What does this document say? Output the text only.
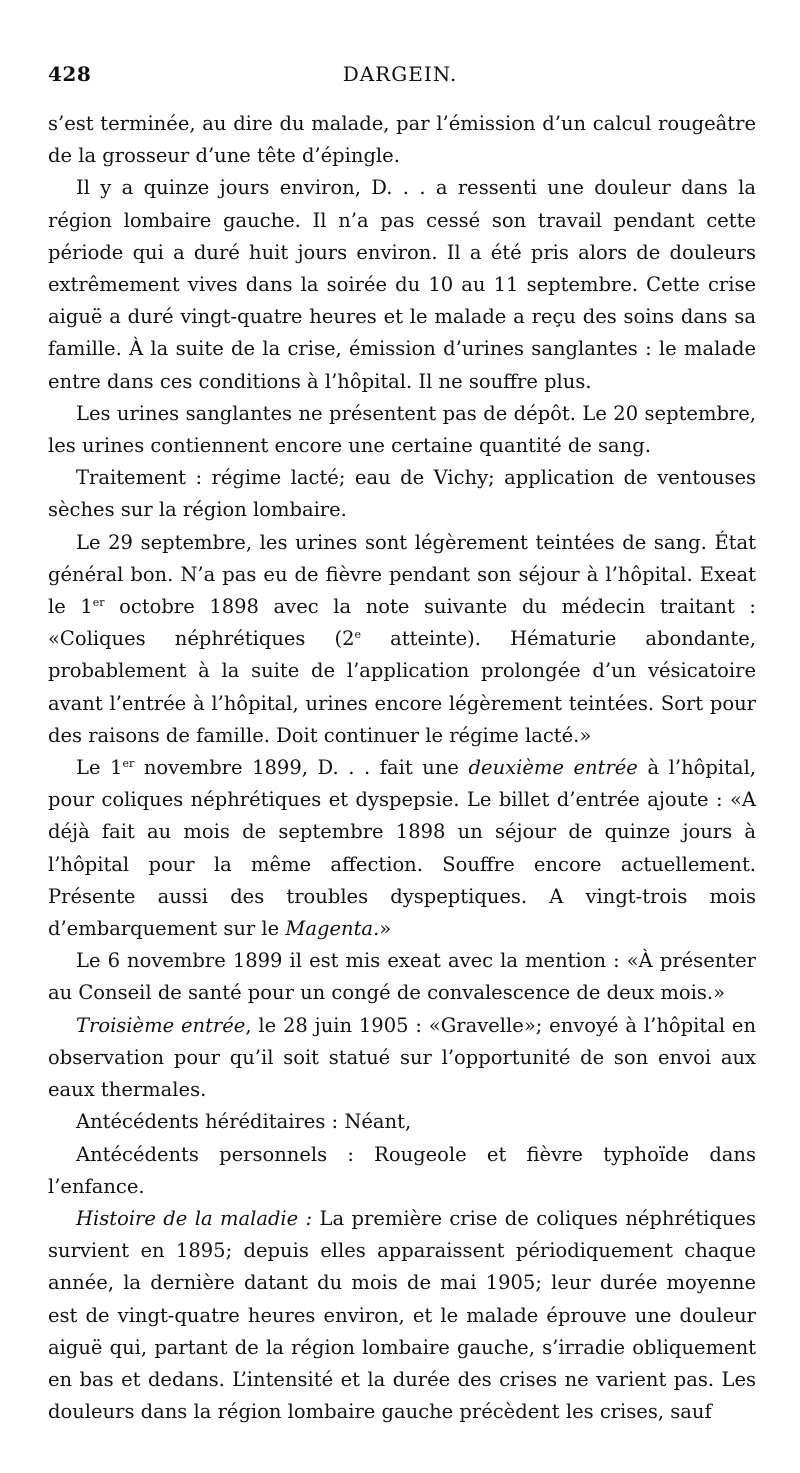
428	DARGEIN.

s’est terminée, au dire du malade, par l’émission d’un calcul rougeâtre de la grosseur d’une tête d’épingle.

Il y a quinze jours environ, D. . . a ressenti une douleur dans la région lombaire gauche. Il n’a pas cessé son travail pendant cette période qui a duré huit jours environ. Il a été pris alors de douleurs extrêmement vives dans la soirée du 10 au 11 septembre. Cette crise aiguë a duré vingt-quatre heures et le malade a reçu des soins dans sa famille. À la suite de la crise, émission d’urines sanglantes : le malade entre dans ces conditions à l’hôpital. Il ne souffre plus.

Les urines sanglantes ne présentent pas de dépôt. Le 20 septembre, les urines contiennent encore une certaine quantité de sang.

Traitement : régime lacté; eau de Vichy; application de ventouses sèches sur la région lombaire.

Le 29 septembre, les urines sont légèrement teintées de sang. État général bon. N’a pas eu de fièvre pendant son séjour à l’hôpital. Exeat le 1er octobre 1898 avec la note suivante du médecin traitant : «Coliques néphrétiques (2e atteinte). Hématurie abondante, probablement à la suite de l’application prolongée d’un vésicatoire avant l’entrée à l’hôpital, urines encore légèrement teintées. Sort pour des raisons de famille. Doit continuer le régime lacté.»

Le 1er novembre 1899, D. . . fait une deuxième entrée à l’hôpital, pour coliques néphrétiques et dyspepsie. Le billet d’entrée ajoute : «A déjà fait au mois de septembre 1898 un séjour de quinze jours à l’hôpital pour la même affection. Souffre encore actuellement. Présente aussi des troubles dyspeptiques. A vingt-trois mois d’embarquement sur le Magenta.»

Le 6 novembre 1899 il est mis exeat avec la mention : «À présenter au Conseil de santé pour un congé de convalescence de deux mois.»

Troisième entrée, le 28 juin 1905 : «Gravelle»; envoyé à l’hôpital en observation pour qu’il soit statué sur l’opportunité de son envoi aux eaux thermales.

Antécédents héréditaires : Néant,

Antécédents personnels : Rougeole et fièvre typhoïde dans l’enfance.

Histoire de la maladie : La première crise de coliques néphrétiques survient en 1895; depuis elles apparaissent périodiquement chaque année, la dernière datant du mois de mai 1905; leur durée moyenne est de vingt-quatre heures environ, et le malade éprouve une douleur aiguë qui, partant de la région lombaire gauche, s’irradie obliquement en bas et dedans. L’intensité et la durée des crises ne varient pas. Les douleurs dans la région lombaire gauche précèdent les crises, sauf
